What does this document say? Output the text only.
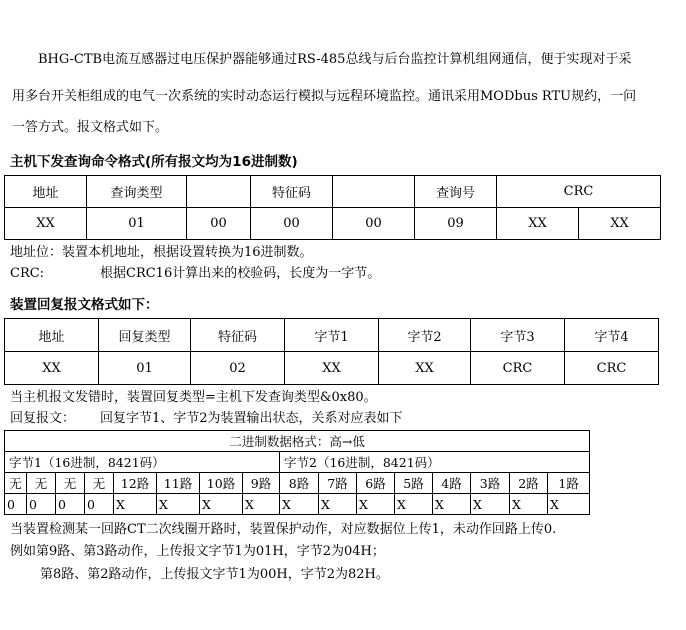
BHG-CTB电流互感器过电压保护器能够通过RS-485总线与后台监控计算机组网通信，便于实现对于采
用多台开关柜组成的电气一次系统的实时动态运行模拟与远程环境监控。通讯采用MODbus RTU规约，一问
一答方式。报文格式如下。
主机下发查询命令格式(所有报文均为16进制数)
地址	查询类型		特征码		查询号	CRC	
XX	01	00	00	00	09	XX	XX
地址位：装置本机地址，根据设置转换为16进制数。
CRC:	根据CRC16计算出来的校验码，长度为一字节。
装置回复报文格式如下：
地址	回复类型	特征码	字节1	字节2	字节3	字节4
XX	01	02	XX	XX	CRC	CRC
当主机报文发错时，装置回复类型=主机下发查询类型&0x80。
回复报文： 回复字节1、字节2为装置输出状态，关系对应表如下
二进制数据格式：高→低															
字节1（16进制，8421码）								字节2（16进制，8421码）							
无	无	无	无	12路	11路	10路	9路	8路	7路	6路	5路	4路	3路	2路	1路
0	0	0	0	X	X	X	X	X	X	X	X	X	X	X	X
当装置检测某一回路CT二次线圈开路时，装置保护动作，对应数据位上传1，未动作回路上传0.
例如第9路、第3路动作，上传报文字节1为01H，字节2为04H；
第8路、第2路动作，上传报文字节1为00H，字节2为82H。
